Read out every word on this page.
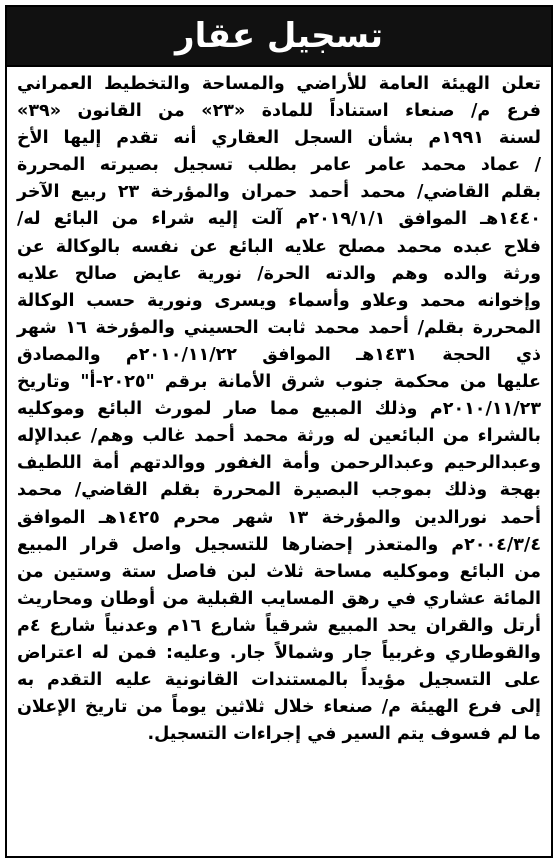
تسجيل عقار
تعلن الهيئة العامة للأراضي والمساحة والتخطيط العمراني
فرع م/ صنعاء استناداً للمادة «٢٣» من القانون «٣٩»
لسنة ١٩٩١م بشأن السجل العقاري أنه تقدم إليها الأخ
/ عماد محمد عامر عامر بطلب تسجيل بصيرته المحررة
بقلم القاضي/ محمد أحمد حمران والمؤرخة ٢٣ ربيع الآخر
١٤٤٠هـ الموافق ٢٠١٩/١/١م آلت إليه شراء من البائع له/
فلاح عبده محمد مصلح علايه البائع عن نفسه بالوكالة عن
ورثة والده وهم والدته الحرة/ نورية عايض صالح علايه
وإخوانه محمد وعلاو وأسماء ويسرى ونورية حسب الوكالة
المحررة بقلم/ أحمد محمد ثابت الحسيني والمؤرخة ١٦ شهر
ذي الحجة ١٤٣١هـ الموافق ٢٠١٠/١١/٢٢م والمصادق
عليها من محكمة جنوب شرق الأمانة برقم "٢٠٢٥-أ" وتاريخ
٢٠١٠/١١/٢٣م وذلك المبيع مما صار لمورث البائع وموكليه
بالشراء من البائعين له ورثة محمد أحمد غالب وهم/ عبدالإله
وعبدالرحيم وعبدالرحمن وأمة الغفور ووالدتهم أمة اللطيف
بهجة وذلك بموجب البصيرة المحررة بقلم القاضي/ محمد
أحمد نورالدين والمؤرخة ١٣ شهر محرم ١٤٢٥هـ الموافق
٢٠٠٤/٣/٤م والمتعذر إحضارها للتسجيل واصل قرار المبيع
من البائع وموكليه مساحة ثلاث لبن فاصل ستة وستين من
المائة عشاري في رهق المسايب القبلية من أوطان ومحاريث
أرتل والقران يحد المبيع شرقياً شارع ١٦م وعدنياً شارع ٤م
والقوطاري وغربياً جار وشمالاً جار. وعليه: فمن له اعتراض
على التسجيل مؤيداً بالمستندات القانونية عليه التقدم به
إلى فرع الهيئة م/ صنعاء خلال ثلاثين يوماً من تاريخ الإعلان
ما لم فسوف يتم السير في إجراءات التسجيل.
